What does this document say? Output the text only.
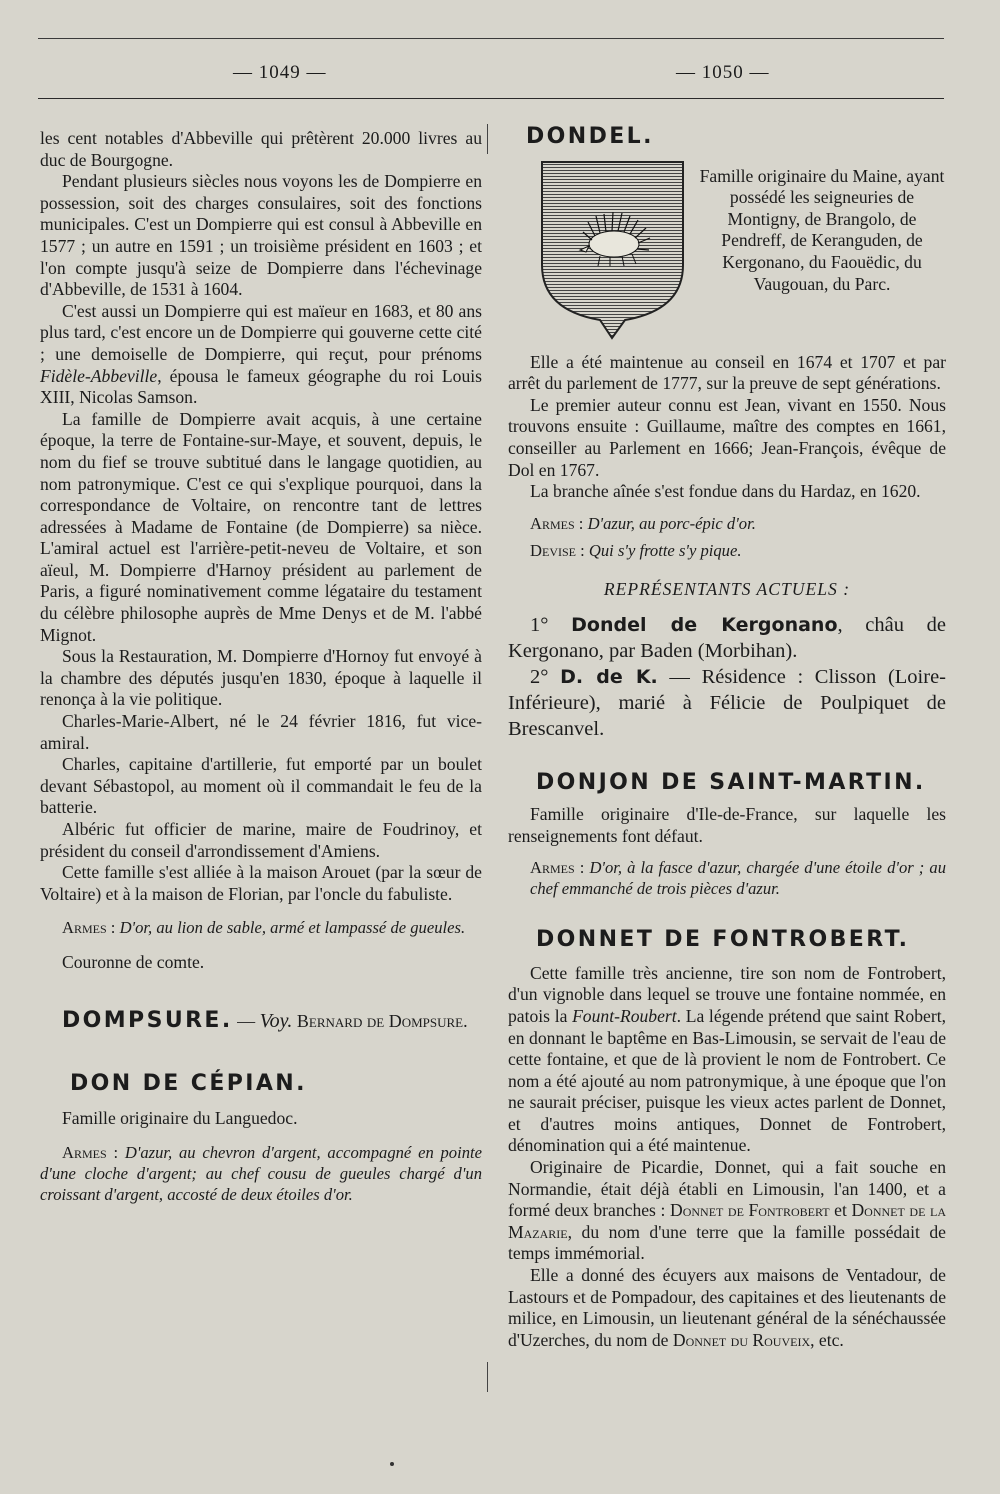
— 1049 —	— 1050 —

les cent notables d'Abbeville qui prêtèrent 20.000 livres au duc de Bourgogne.

Pendant plusieurs siècles nous voyons les de Dompierre en possession, soit des charges consulaires, soit des fonctions municipales. C'est un Dompierre qui est consul à Abbeville en 1577 ; un autre en 1591 ; un troisième président en 1603 ; et l'on compte jusqu'à seize de Dompierre dans l'échevinage d'Abbeville, de 1531 à 1604.

C'est aussi un Dompierre qui est maïeur en 1683, et 80 ans plus tard, c'est encore un de Dompierre qui gouverne cette cité ; une demoiselle de Dompierre, qui reçut, pour prénoms Fidèle-Abbeville, épousa le fameux géographe du roi Louis XIII, Nicolas Samson.

La famille de Dompierre avait acquis, à une certaine époque, la terre de Fontaine-sur-Maye, et souvent, depuis, le nom du fief se trouve subtitué dans le langage quotidien, au nom patronymique. C'est ce qui s'explique pourquoi, dans la correspondance de Voltaire, on rencontre tant de lettres adressées à Madame de Fontaine (de Dompierre) sa nièce. L'amiral actuel est l'arrière-petit-neveu de Voltaire, et son aïeul, M. Dompierre d'Harnoy président au parlement de Paris, a figuré nominativement comme légataire du testament du célèbre philosophe auprès de Mme Denys et de M. l'abbé Mignot.

Sous la Restauration, M. Dompierre d'Hornoy fut envoyé à la chambre des députés jusqu'en 1830, époque à laquelle il renonça à la vie politique.

Charles-Marie-Albert, né le 24 février 1816, fut vice-amiral.

Charles, capitaine d'artillerie, fut emporté par un boulet devant Sébastopol, au moment où il commandait le feu de la batterie.

Albéric fut officier de marine, maire de Foudrinoy, et président du conseil d'arrondissement d'Amiens.

Cette famille s'est alliée à la maison Arouet (par la sœur de Voltaire) et à la maison de Florian, par l'oncle du fabuliste.

Armes : D'or, au lion de sable, armé et lampassé de gueules.

Couronne de comte.

DOMPSURE. — Voy. Bernard de Dompsure.

DON DE CÉPIAN.

Famille originaire du Languedoc.

Armes : D'azur, au chevron d'argent, accompagné en pointe d'une cloche d'argent; au chef cousu de gueules chargé d'un croissant d'argent, accosté de deux étoiles d'or.

DONDEL.

Famille originaire du Maine, ayant possédé les seigneuries de Montigny, de Brangolo, de Pendreff, de Keranguden, de Kergonano, du Faouëdic, du Vaugouan, du Parc.

Elle a été maintenue au conseil en 1674 et 1707 et par arrêt du parlement de 1777, sur la preuve de sept générations.

Le premier auteur connu est Jean, vivant en 1550. Nous trouvons ensuite : Guillaume, maître des comptes en 1661, conseiller au Parlement en 1666; Jean-François, évêque de Dol en 1767.

La branche aînée s'est fondue dans du Hardaz, en 1620.

Armes : D'azur, au porc-épic d'or.

Devise : Qui s'y frotte s'y pique.

REPRÉSENTANTS ACTUELS :

1° Dondel de Kergonano, châu de Kergonano, par Baden (Morbihan).

2° D. de K. — Résidence : Clisson (Loire-Inférieure), marié à Félicie de Poulpiquet de Brescanvel.

DONJON DE SAINT-MARTIN.

Famille originaire d'Ile-de-France, sur laquelle les renseignements font défaut.

Armes : D'or, à la fasce d'azur, chargée d'une étoile d'or ; au chef emmanché de trois pièces d'azur.

DONNET DE FONTROBERT.

Cette famille très ancienne, tire son nom de Fontrobert, d'un vignoble dans lequel se trouve une fontaine nommée, en patois la Fount-Roubert. La légende prétend que saint Robert, en donnant le baptême en Bas-Limousin, se servait de l'eau de cette fontaine, et que de là provient le nom de Fontrobert. Ce nom a été ajouté au nom patronymique, à une époque que l'on ne saurait préciser, puisque les vieux actes parlent de Donnet, et d'autres moins antiques, Donnet de Fontrobert, dénomination qui a été maintenue.

Originaire de Picardie, Donnet, qui a fait souche en Normandie, était déjà établi en Limousin, l'an 1400, et a formé deux branches : Donnet de Fontrobert et Donnet de la Mazarie, du nom d'une terre que la famille possédait de temps immémorial.

Elle a donné des écuyers aux maisons de Ventadour, de Lastours et de Pompadour, des capitaines et des lieutenants de milice, en Limousin, un lieutenant général de la sénéchaussée d'Uzerches, du nom de Donnet du Rouveix, etc.
